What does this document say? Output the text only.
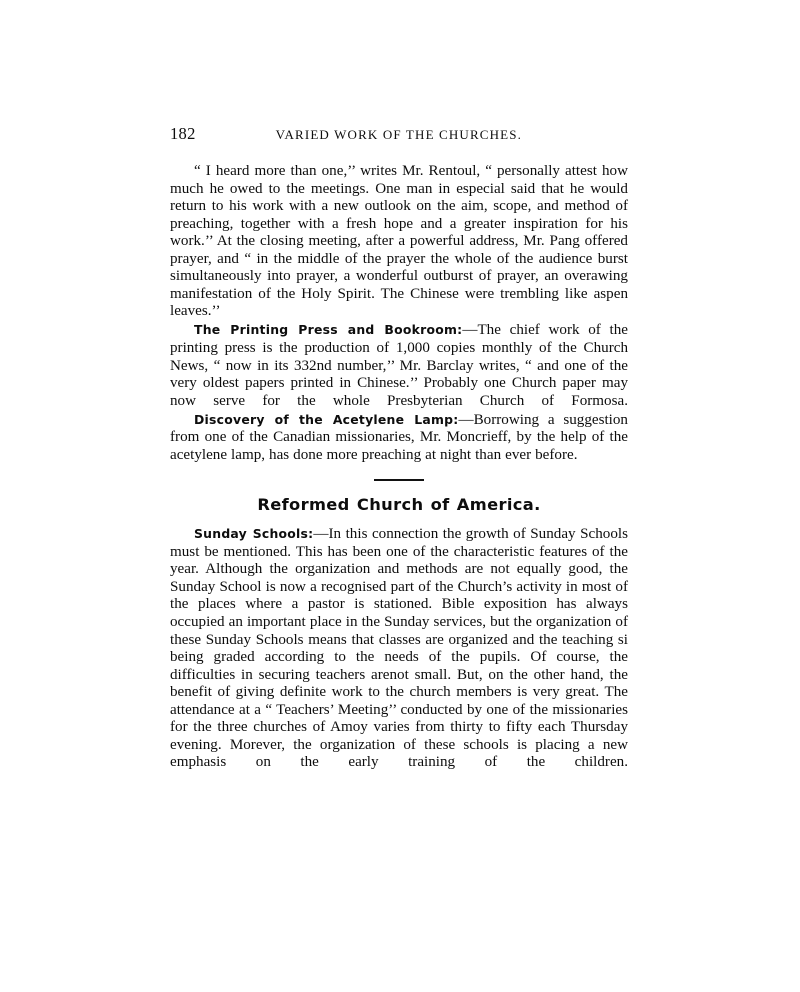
182	VARIED WORK OF THE CHURCHES.

“ I heard more than one,’’ writes Mr. Rentoul, “ personally attest how much he owed to the meetings. One man in especial said that he would return to his work with a new outlook on the aim, scope, and method of preaching, together with a fresh hope and a greater inspiration for his work.’’ At the closing meeting, after a powerful address, Mr. Pang offered prayer, and “ in the middle of the prayer the whole of the audience burst simultaneously into prayer, a wonderful outburst of prayer, an overawing manifestation of the Holy Spirit. The Chinese were trembling like aspen leaves.’’

The Printing Press and Bookroom:—The chief work of the printing press is the production of 1,000 copies monthly of the Church News, “ now in its 332nd number,’’ Mr. Barclay writes, “ and one of the very oldest papers printed in Chinese.’’ Probably one Church paper may now serve for the whole Presbyterian Church of Formosa.

Discovery of the Acetylene Lamp:—Borrowing a suggestion from one of the Canadian missionaries, Mr. Moncrieff, by the help of the acetylene lamp, has done more preaching at night than ever before.

Reformed Church of America.

Sunday Schools:—In this connection the growth of Sunday Schools must be mentioned. This has been one of the characteristic features of the year. Although the organization and methods are not equally good, the Sunday School is now a recognised part of the Church’s activity in most of the places where a pastor is stationed. Bible exposition has always occupied an important place in the Sunday services, but the organization of these Sunday Schools means that classes are organized and the teaching si being graded according to the needs of the pupils. Of course, the difficulties in securing teachers arenot small. But, on the other hand, the benefit of giving definite work to the church members is very great. The attendance at a “ Teachers’ Meeting’’ conducted by one of the missionaries for the three churches of Amoy varies from thirty to fifty each Thursday evening. Morever, the organization of these schools is placing a new emphasis on the early training of the children.
